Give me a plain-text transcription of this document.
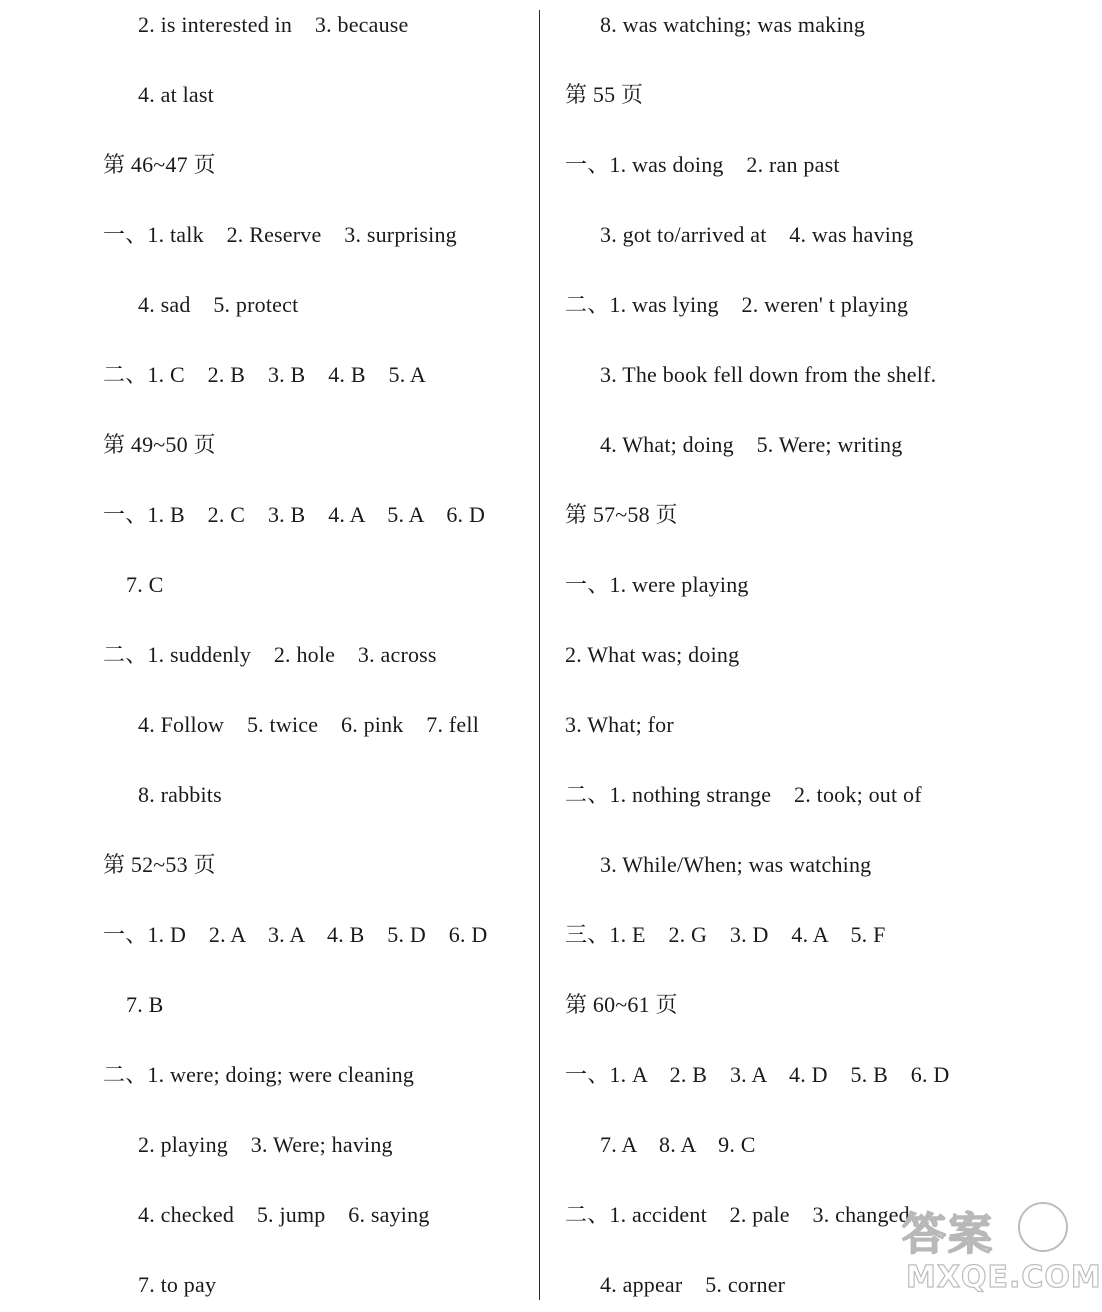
2. is interested in    3. because
4. at last
第 46~47 页
一、1. talk    2. Reserve    3. surprising
4. sad    5. protect
二、1. C    2. B    3. B    4. B    5. A
第 49~50 页
一、1. B    2. C    3. B    4. A    5. A    6. D
7. C
二、1. suddenly    2. hole    3. across
4. Follow    5. twice    6. pink    7. fell
8. rabbits
第 52~53 页
一、1. D    2. A    3. A    4. B    5. D    6. D
7. B
二、1. were; doing; were cleaning
2. playing    3. Were; having
4. checked    5. jump    6. saying
7. to pay
8. was watching; was making
第 55 页
一、1. was doing    2. ran past
3. got to/arrived at    4. was having
二、1. was lying    2. weren' t playing
3. The book fell down from the shelf.
4. What; doing    5. Were; writing
第 57~58 页
一、1. were playing
2. What was; doing
3. What; for
二、1. nothing strange    2. took; out of
3. While/When; was watching
三、1. E    2. G    3. D    4. A    5. F
第 60~61 页
一、1. A    2. B    3. A    4. D    5. B    6. D
7. A    8. A    9. C
二、1. accident    2. pale    3. changed
4. appear    5. corner
答案
MXQE.COM
